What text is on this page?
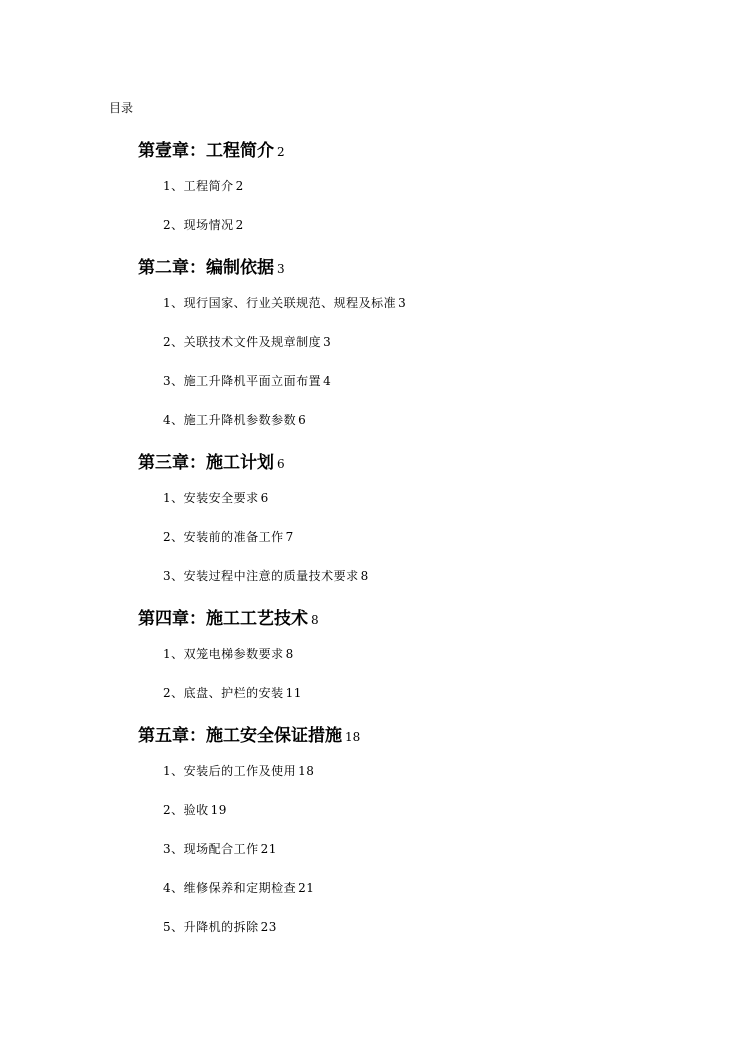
目录
第壹章：工程简介 2
1、工程简介 2
2、现场情况 2
第二章：编制依据 3
1、现行国家、行业关联规范、规程及标准 3
2、关联技术文件及规章制度 3
3、施工升降机平面立面布置 4
4、施工升降机参数参数 6
第三章：施工计划 6
1、安装安全要求 6
2、安装前的准备工作 7
3、安装过程中注意的质量技术要求 8
第四章：施工工艺技术 8
1、双笼电梯参数要求 8
2、底盘、护栏的安装 11
第五章：施工安全保证措施 18
1、安装后的工作及使用 18
2、验收 19
3、现场配合工作 21
4、维修保养和定期检查 21
5、升降机的拆除 23
